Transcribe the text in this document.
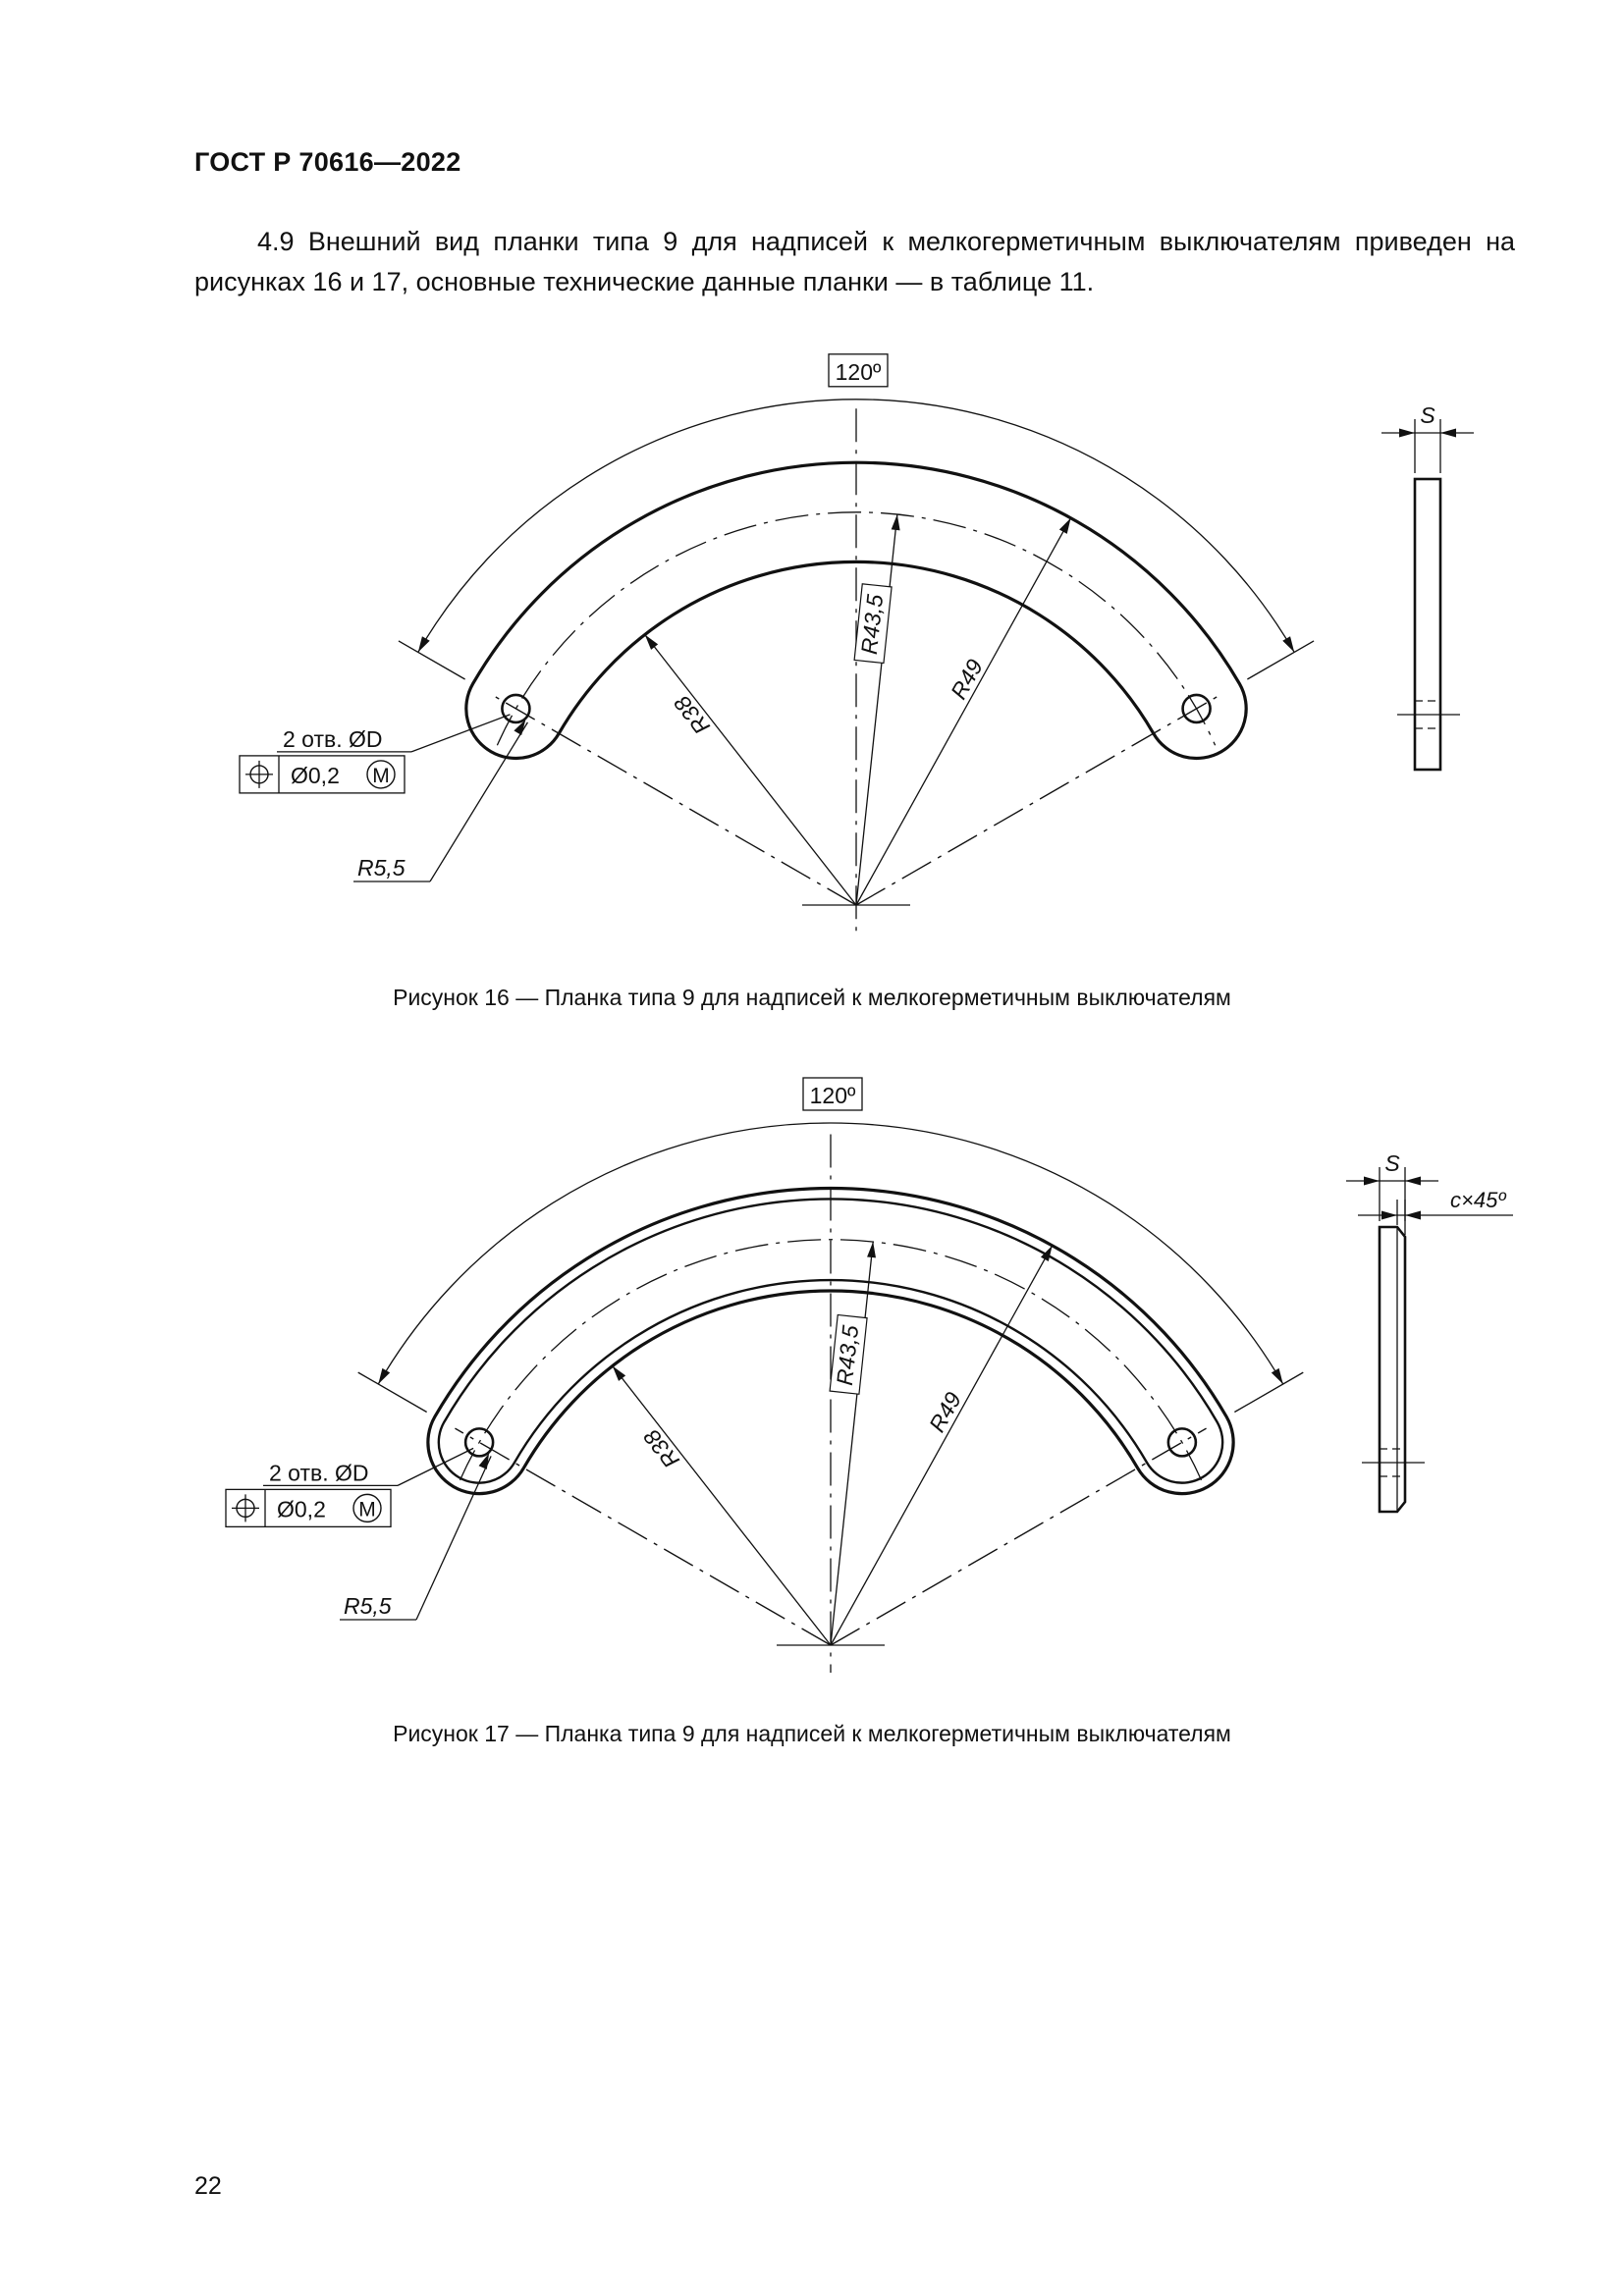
ГОСТ Р 70616—2022
4.9 Внешний вид планки типа 9 для надписей к мелкогерметичным выключателям приведен на рисунках 16 и 17, основные технические данные планки — в таблице 11.
120º
R38
R43,5
R49
2 отв. ØD
Ø0,2 M
R5,5
S
Рисунок 16 — Планка типа 9 для надписей к мелкогерметичным выключателям
120º
R38
R43,5
R49
2 отв. ØD
Ø0,2 M
R5,5
S
c×45º
Рисунок 17 — Планка типа 9 для надписей к мелкогерметичным выключателям
22
